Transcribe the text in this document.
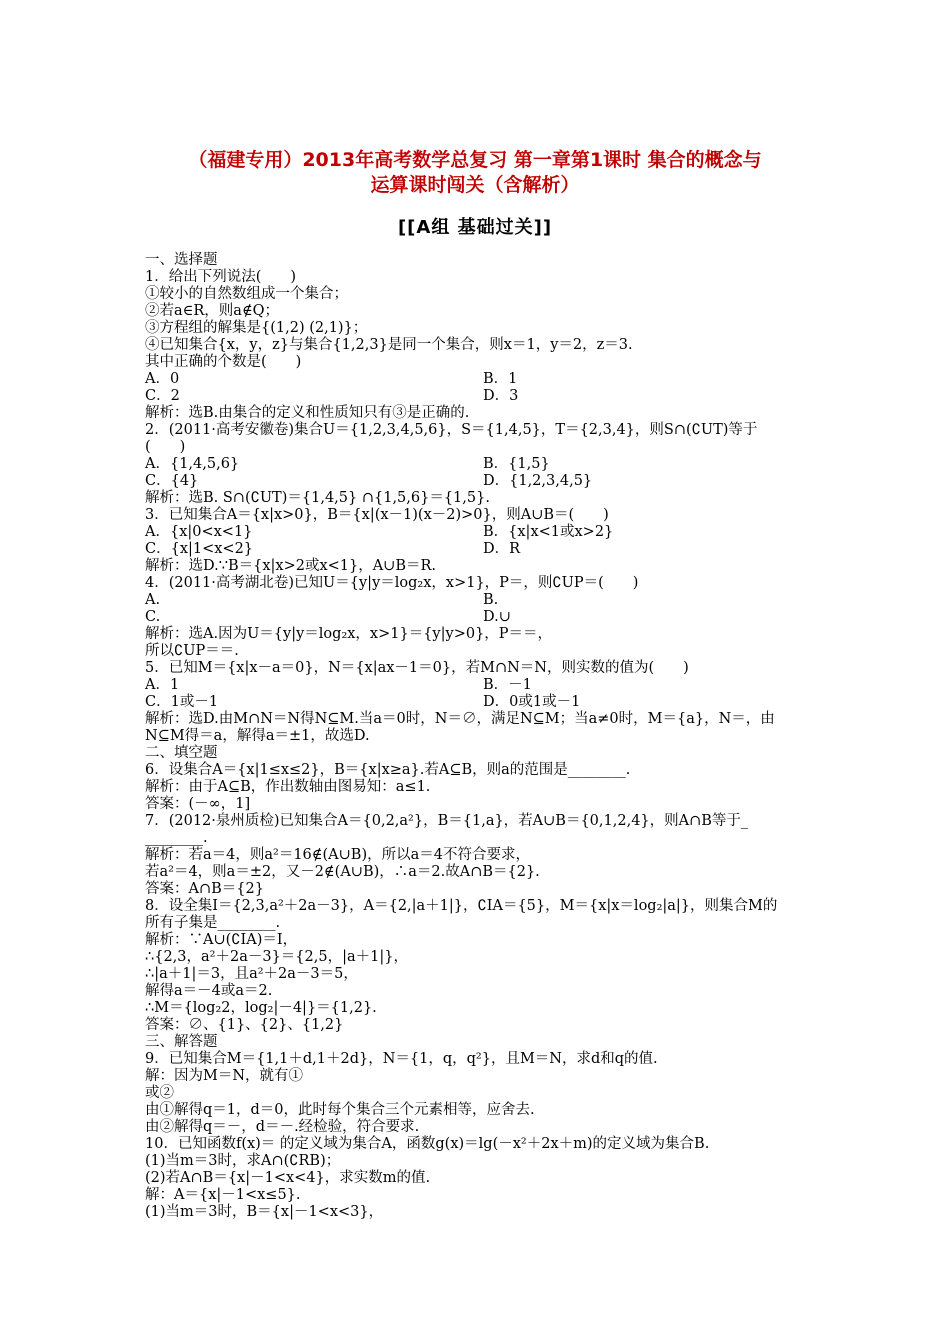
（福建专用）2013年高考数学总复习 第一章第1课时 集合的概念与
运算课时闯关（含解析）
[[A组 基础过关]]
一、选择题
1．给出下列说法(　　)
①较小的自然数组成一个集合；
②若a∈R，则a∉Q；
③方程组的解集是{(1,2) (2,1)}；
④已知集合{x，y，z}与集合{1,2,3}是同一个集合，则x＝1，y＝2，z＝3.
其中正确的个数是(　　)
A．0	B．1
C．2	D．3
解析：选B.由集合的定义和性质知只有③是正确的.
2．(2011·高考安徽卷)集合U＝{1,2,3,4,5,6}，S＝{1,4,5}，T＝{2,3,4}，则S∩(∁UT)等于
(　　)
A．{1,4,5,6}	B．{1,5}
C．{4}	D．{1,2,3,4,5}
解析：选B. S∩(∁UT)＝{1,4,5} ∩{1,5,6}＝{1,5}.
3．已知集合A＝{x|x>0}，B＝{x|(x－1)(x－2)>0}，则A∪B＝(　　)
A．{x|0<x<1}	B．{x|x<1或x>2}
C．{x|1<x<2}	D．R
解析：选D.∵B＝{x|x>2或x<1}，A∪B＝R.
4．(2011·高考湖北卷)已知U＝{y|y＝log₂x，x>1}，P＝，则∁UP＝(　　)
A.	B.
C.	D.∪
解析：选A.因为U＝{y|y＝log₂x，x>1}＝{y|y>0}，P＝＝，
所以∁UP＝＝.
5．已知M＝{x|x－a＝0}，N＝{x|ax－1＝0}，若M∩N＝N，则实数的值为(　　)
A．1	B．－1
C．1或－1	D．0或1或－1
解析：选D.由M∩N＝N得N⊆M.当a＝0时，N＝∅，满足N⊆M；当a≠0时，M＝{a}，N＝，由
N⊆M得＝a，解得a＝±1，故选D.
二、填空题
6．设集合A＝{x|1≤x≤2}，B＝{x|x≥a}.若A⊆B，则a的范围是________.
解析：由于A⊆B，作出数轴由图易知：a≤1.
答案：(－∞，1]
7．(2012·泉州质检)已知集合A＝{0,2,a²}，B＝{1,a}，若A∪B＝{0,1,2,4}，则A∩B等于_
________.
解析：若a＝4，则a²＝16∉(A∪B)，所以a＝4不符合要求，
若a²＝4，则a＝±2，又－2∉(A∪B)，∴a＝2.故A∩B＝{2}.
答案：A∩B＝{2}
8．设全集I＝{2,3,a²＋2a－3}，A＝{2,|a＋1|}，∁IA＝{5}，M＝{x|x＝log₂|a|}，则集合M的
所有子集是________.
解析：∵A∪(∁IA)＝I，
∴{2,3，a²＋2a－3}＝{2,5，|a＋1|}，
∴|a＋1|＝3，且a²＋2a－3＝5，
解得a＝－4或a＝2.
∴M＝{log₂2，log₂|－4|}＝{1,2}.
答案：∅、{1}、{2}、{1,2}
三、解答题
9．已知集合M＝{1,1＋d,1＋2d}，N＝{1，q，q²}，且M＝N，求d和q的值.
解：因为M＝N，就有①
或②
由①解得q＝1，d＝0，此时每个集合三个元素相等，应舍去.
由②解得q＝－，d＝－.经检验，符合要求.
10．已知函数f(x)＝ 的定义域为集合A，函数g(x)＝lg(－x²＋2x＋m)的定义域为集合B.
(1)当m＝3时，求A∩(∁RB)；
(2)若A∩B＝{x|－1<x<4}，求实数m的值.
解：A＝{x|－1<x≤5}.
(1)当m＝3时，B＝{x|－1<x<3}，
